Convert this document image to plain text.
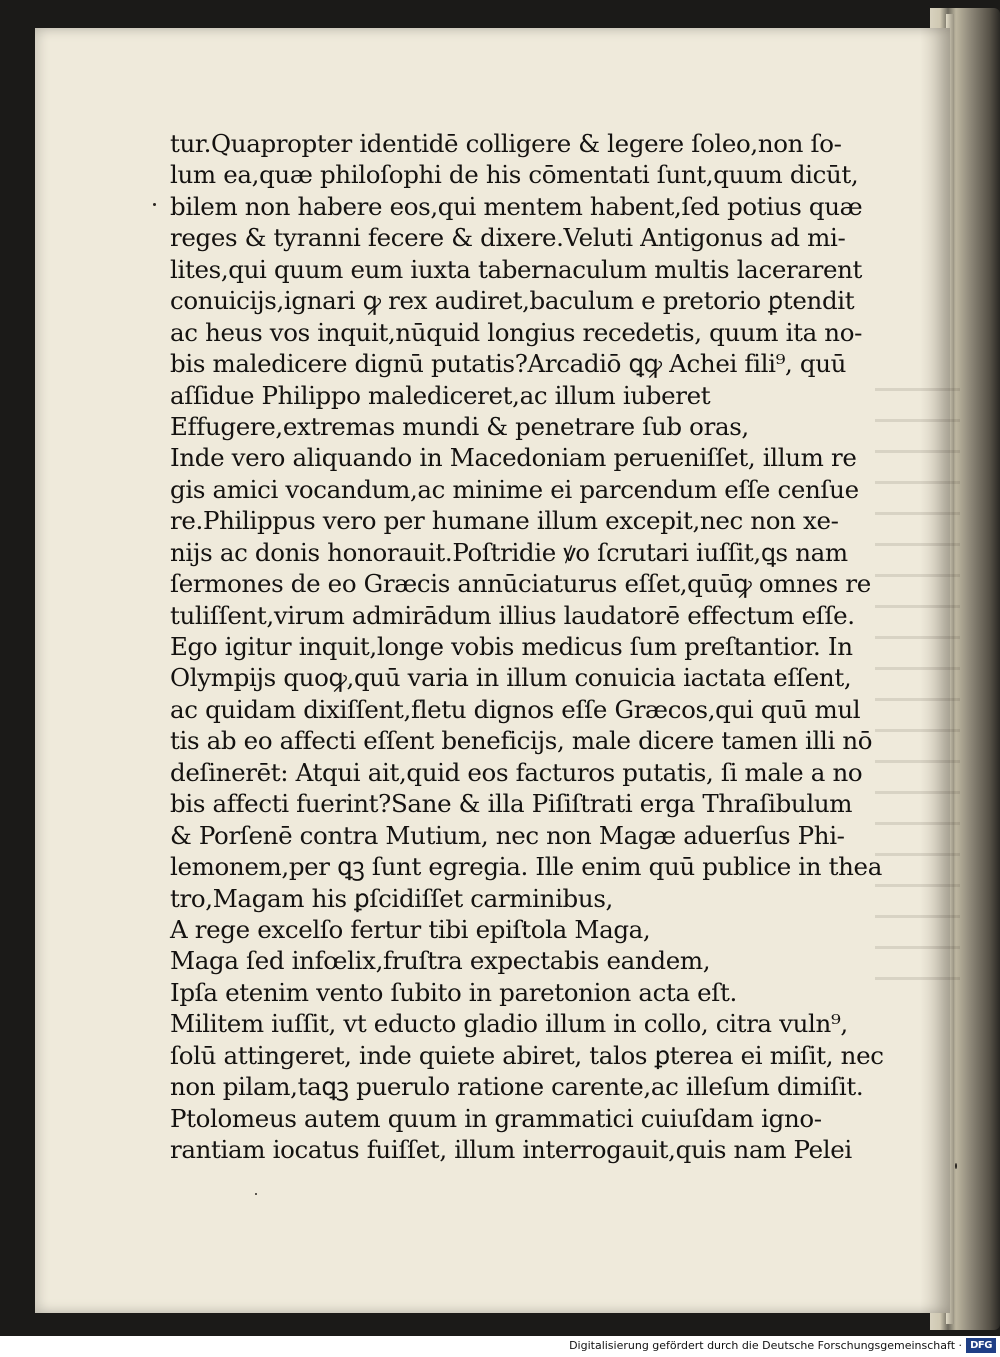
tur.Quapropter identidē colligere & legere ſoleo,non ſo-
lum ea,quæ philoſophi de his cōmentati ſunt,quum dicūt,
bilem non habere eos,qui mentem habent,ſed potius quæ
reges & tyranni fecere & dixere.Veluti Antigonus ad mi-
lites,qui quum eum iuxta tabernaculum multis lacerarent
conuicijs,ignari ꝙ rex audiret,baculum e pretorio ꝑtendit
ac heus vos inquit,nūquid longius recedetis, quum ita no-
bis maledicere dignū putatis?Arcadiō ꝗꝙ Achei fili⁹, quū
aſſidue Philippo malediceret,ac illum iuberet
Effugere,extremas mundi & penetrare ſub oras,
Inde vero aliquando in Macedoniam perueniſſet, illum re
gis amici vocandum,ac minime ei parcendum eſſe cenſue
re.Philippus vero per humane illum excepit,nec non xe-
nijs ac donis honorauit.Poſtridie ꝟo ſcrutari iuſſit,ꝗs nam
ſermones de eo Græcis annūciaturus eſſet,quūꝙ omnes re
tuliſſent,virum admirādum illius laudatorē effectum eſſe.
Ego igitur inquit,longe vobis medicus ſum preſtantior. In
Olympijs quoꝙ,quū varia in illum conuicia iactata eſſent,
ac quidam dixiſſent,fletu dignos eſſe Græcos,qui quū mul
tis ab eo affecti eſſent beneficijs, male dicere tamen illi nō
deſinerēt: Atqui ait,quid eos facturos putatis, ſi male a no
bis affecti fuerint?Sane & illa Piſiſtrati erga Thraſibulum
& Porſenē contra Mutium, nec non Magæ aduerſus Phi-
lemonem,per ꝗꝫ ſunt egregia. Ille enim quū publice in thea
tro,Magam his ꝑſcidiſſet carminibus,
A rege excelſo fertur tibi epiſtola Maga,
Maga ſed infœlix,fruſtra expectabis eandem,
Ipſa etenim vento ſubito in paretonion acta eſt.
Militem iuſſit, vt educto gladio illum in collo, citra vuln⁹,
ſolū attingeret, inde quiete abiret, talos ꝑterea ei miſit, nec
non pilam,taꝗꝫ puerulo ratione carente,ac illeſum dimiſit.
Ptolomeus autem quum in grammatici cuiuſdam igno-
rantiam iocatus fuiſſet, illum interrogauit,quis nam Pelei
Digitalisierung gefördert durch die Deutsche Forschungsgemeinschaft · DFG
